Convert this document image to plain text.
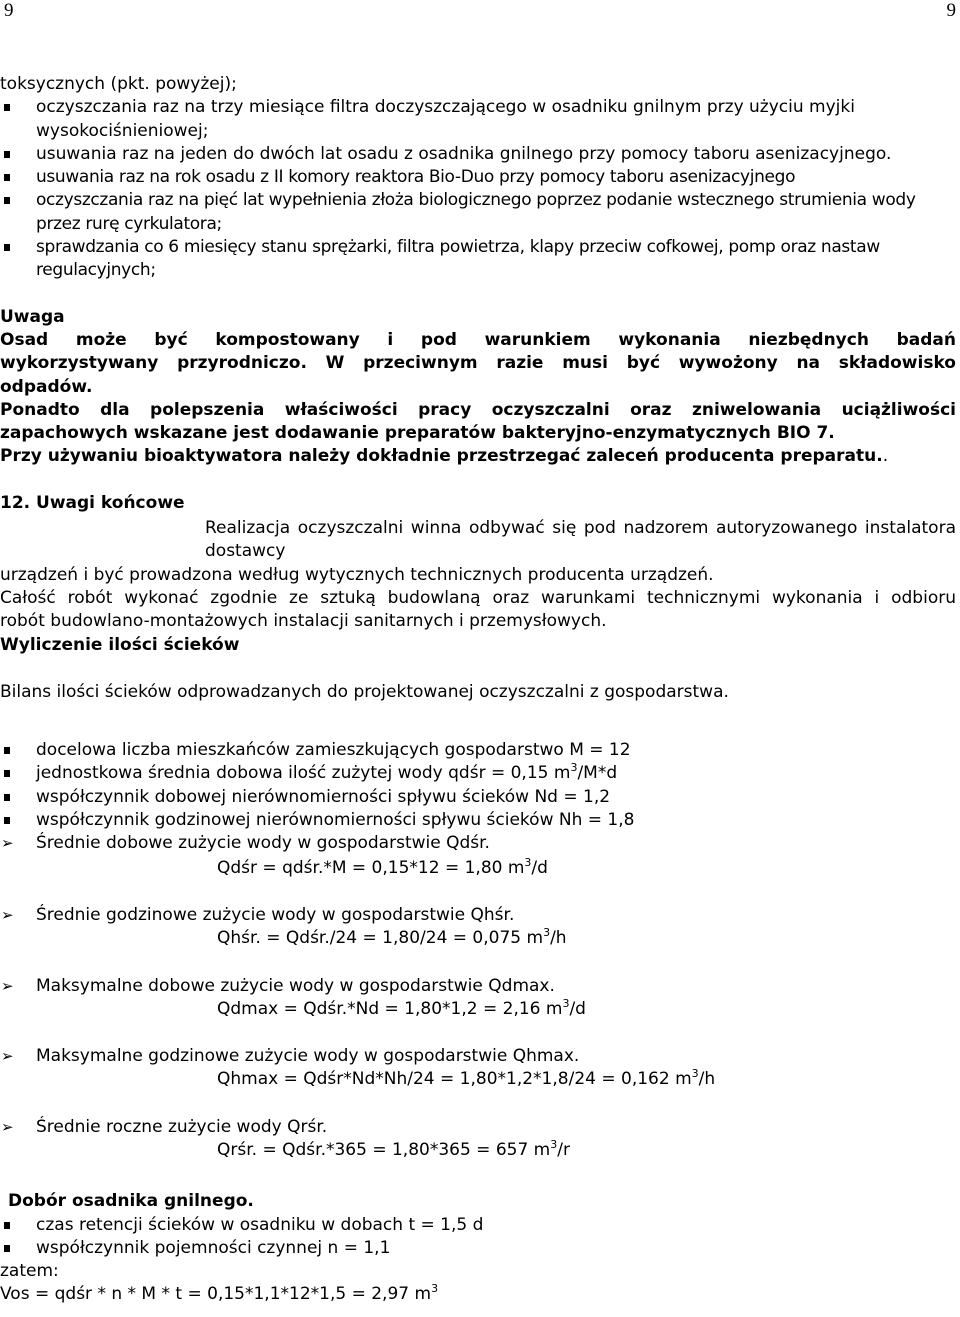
9	9
toksycznych (pkt. powyżej);
oczyszczania raz na trzy miesiące filtra doczyszczającego w osadniku gnilnym przy użyciu myjki
wysokociśnieniowej;
usuwania raz na jeden do dwóch lat osadu z osadnika gnilnego przy pomocy taboru asenizacyjnego.
usuwania raz na rok osadu z II komory reaktora Bio-Duo przy pomocy taboru asenizacyjnego
oczyszczania raz na pięć lat wypełnienia złoża biologicznego poprzez podanie wstecznego strumienia wody przez rurę cyrkulatora;
sprawdzania co 6 miesięcy stanu sprężarki, filtra powietrza, klapy przeciw cofkowej, pomp oraz nastaw regulacyjnych;
Uwaga
Osad może być kompostowany i pod warunkiem wykonania niezbędnych badań
wykorzystywany przyrodniczo. W przeciwnym razie musi być wywożony na składowisko
odpadów.
Ponadto dla polepszenia właściwości pracy oczyszczalni oraz zniwelowania uciążliwości
zapachowych wskazane jest dodawanie preparatów bakteryjno-enzymatycznych BIO 7.
Przy używaniu bioaktywatora należy dokładnie przestrzegać zaleceń producenta preparatu..
12. Uwagi końcowe
Realizacja oczyszczalni winna odbywać się pod nadzorem autoryzowanego instalatora dostawcy
urządzeń i być prowadzona według wytycznych technicznych producenta urządzeń.
Całość robót wykonać zgodnie ze sztuką budowlaną oraz warunkami technicznymi wykonania i odbioru
robót budowlano-montażowych instalacji sanitarnych i przemysłowych.
Wyliczenie ilości ścieków
Bilans ilości ścieków odprowadzanych do projektowanej oczyszczalni z gospodarstwa.
docelowa liczba mieszkańców zamieszkujących gospodarstwo M = 12
jednostkowa średnia dobowa ilość zużytej wody qdśr = 0,15 $m^3/M*d$
współczynnik dobowej nierównomierności spływu ścieków Nd = 1,2
współczynnik godzinowej nierównomierności spływu ścieków Nh = 1,8
➢ Średnie dobowe zużycie wody w gospodarstwie Qdśr.
Qdśr = qdśr.*M = 0,15*12 = 1,80 $m^3/d$
➢ Średnie godzinowe zużycie wody w gospodarstwie Qhśr.
Qhśr. = Qdśr./24 = 1,80/24 = 0,075 $m^3/h$
➢ Maksymalne dobowe zużycie wody w gospodarstwie Qdmax.
Qdmax = Qdśr.*Nd = 1,80*1,2 = 2,16 $m^3/d$
➢ Maksymalne godzinowe zużycie wody w gospodarstwie Qhmax.
Qhmax = Qdśr*Nd*Nh/24 = 1,80*1,2*1,8/24 = 0,162 $m^3/h$
➢ Średnie roczne zużycie wody Qrśr.
Qrśr. = Qdśr.*365 = 1,80*365 = 657 $m^3/r$
Dobór osadnika gnilnego.
czas retencji ścieków w osadniku w dobach t = 1,5 d
współczynnik pojemności czynnej n = 1,1
zatem:
Vos = qdśr * n * M * t = 0,15*1,1*12*1,5 = 2,97 $m^3$
